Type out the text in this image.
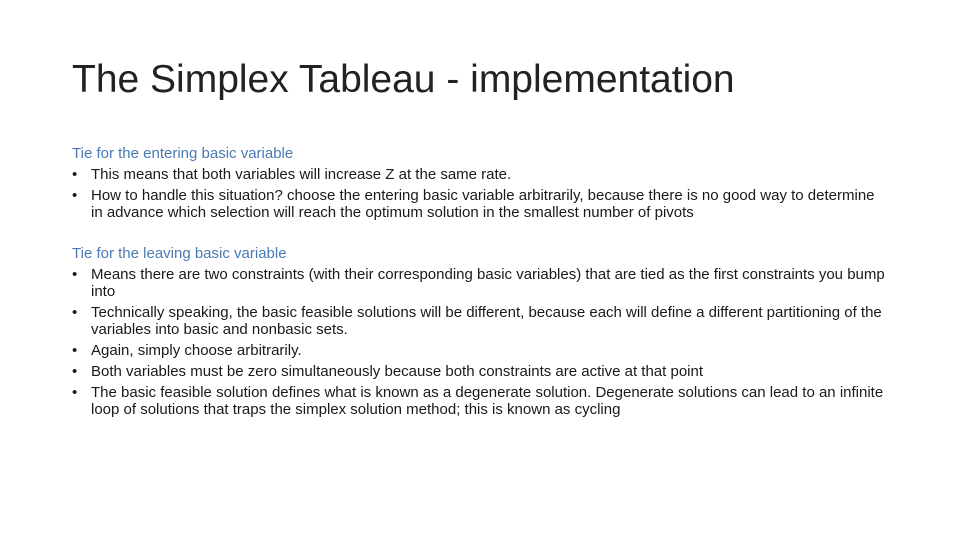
The Simplex Tableau - implementation

Tie for the entering basic variable

• This means that both variables will increase Z at the same rate.
• How to handle this situation? choose the entering basic variable arbitrarily, because there is no good way to determine in advance which selection will reach the optimum solution in the smallest number of pivots

Tie for the leaving basic variable

• Means there are two constraints (with their corresponding basic variables) that are tied as the first constraints you bump into
• Technically speaking, the basic feasible solutions will be different, because each will define a different partitioning of the variables into basic and nonbasic sets.
• Again, simply choose arbitrarily.
• Both variables must be zero simultaneously because both constraints are active at that point
• The basic feasible solution defines what is known as a degenerate solution. Degenerate solutions can lead to an infinite loop of solutions that traps the simplex solution method; this is known as cycling
